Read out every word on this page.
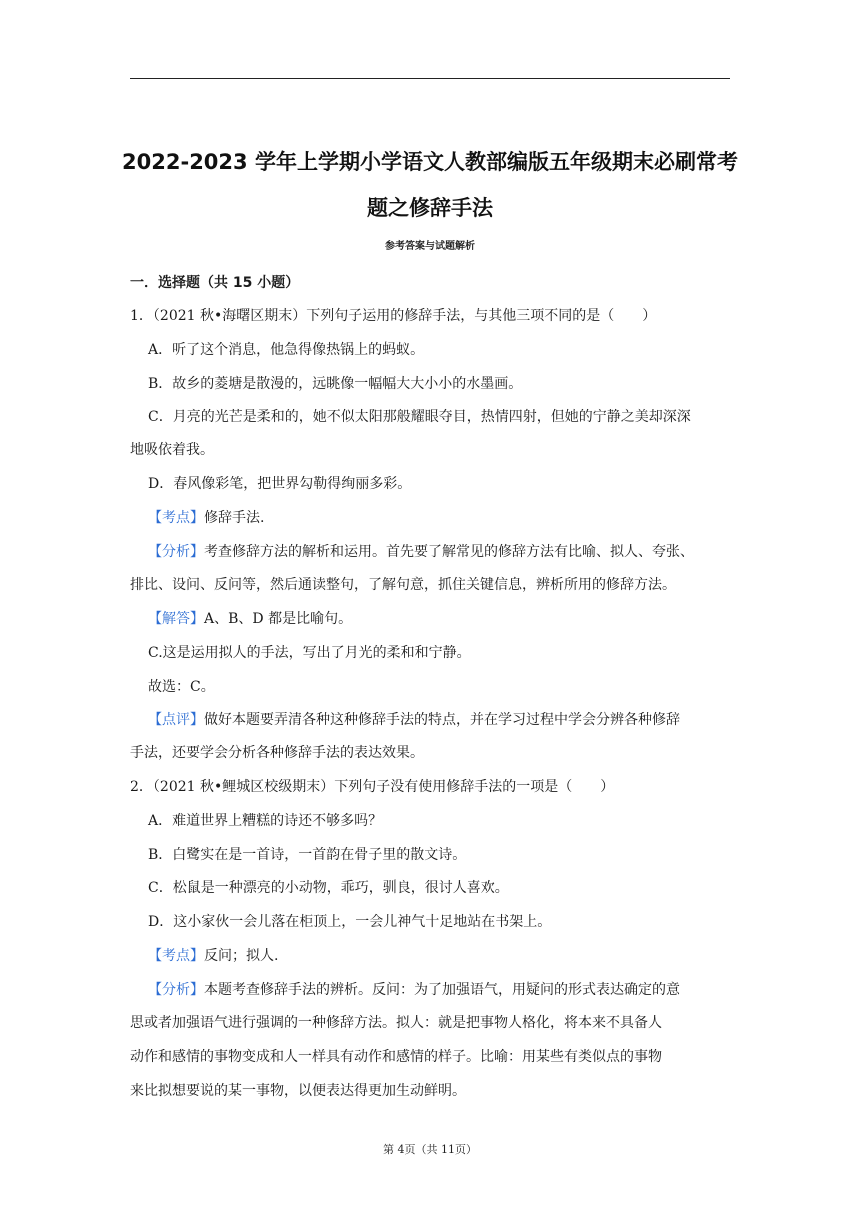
2022-2023 学年上学期小学语文人教部编版五年级期末必刷常考
题之修辞手法
参考答案与试题解析
一．选择题（共 15 小题）
1．（2021 秋•海曙区期末）下列句子运用的修辞手法，与其他三项不同的是（　　）
A．听了这个消息，他急得像热锅上的蚂蚁。
B．故乡的菱塘是散漫的，远眺像一幅幅大大小小的水墨画。
C．月亮的光芒是柔和的，她不似太阳那般耀眼夺目，热情四射，但她的宁静之美却深深
地吸依着我。
D．春风像彩笔，把世界勾勒得绚丽多彩。
【考点】修辞手法.
【分析】考查修辞方法的解析和运用。首先要了解常见的修辞方法有比喻、拟人、夸张、
排比、设问、反问等，然后通读整句，了解句意，抓住关键信息，辨析所用的修辞方法。
【解答】A、B、D 都是比喻句。
C.这是运用拟人的手法，写出了月光的柔和和宁静。
故选：C。
【点评】做好本题要弄清各种这种修辞手法的特点，并在学习过程中学会分辨各种修辞
手法，还要学会分析各种修辞手法的表达效果。
2．（2021 秋•鲤城区校级期末）下列句子没有使用修辞手法的一项是（　　）
A．难道世界上糟糕的诗还不够多吗？
B．白鹭实在是一首诗，一首韵在骨子里的散文诗。
C．松鼠是一种漂亮的小动物，乖巧，驯良，很讨人喜欢。
D．这小家伙一会儿落在柜顶上，一会儿神气十足地站在书架上。
【考点】反问；拟人.
【分析】本题考查修辞手法的辨析。反问：为了加强语气，用疑问的形式表达确定的意
思或者加强语气进行强调的一种修辞方法。拟人：就是把事物人格化，将本来不具备人
动作和感情的事物变成和人一样具有动作和感情的样子。比喻：用某些有类似点的事物
来比拟想要说的某一事物，以便表达得更加生动鲜明。
第 4页（共 11页）
